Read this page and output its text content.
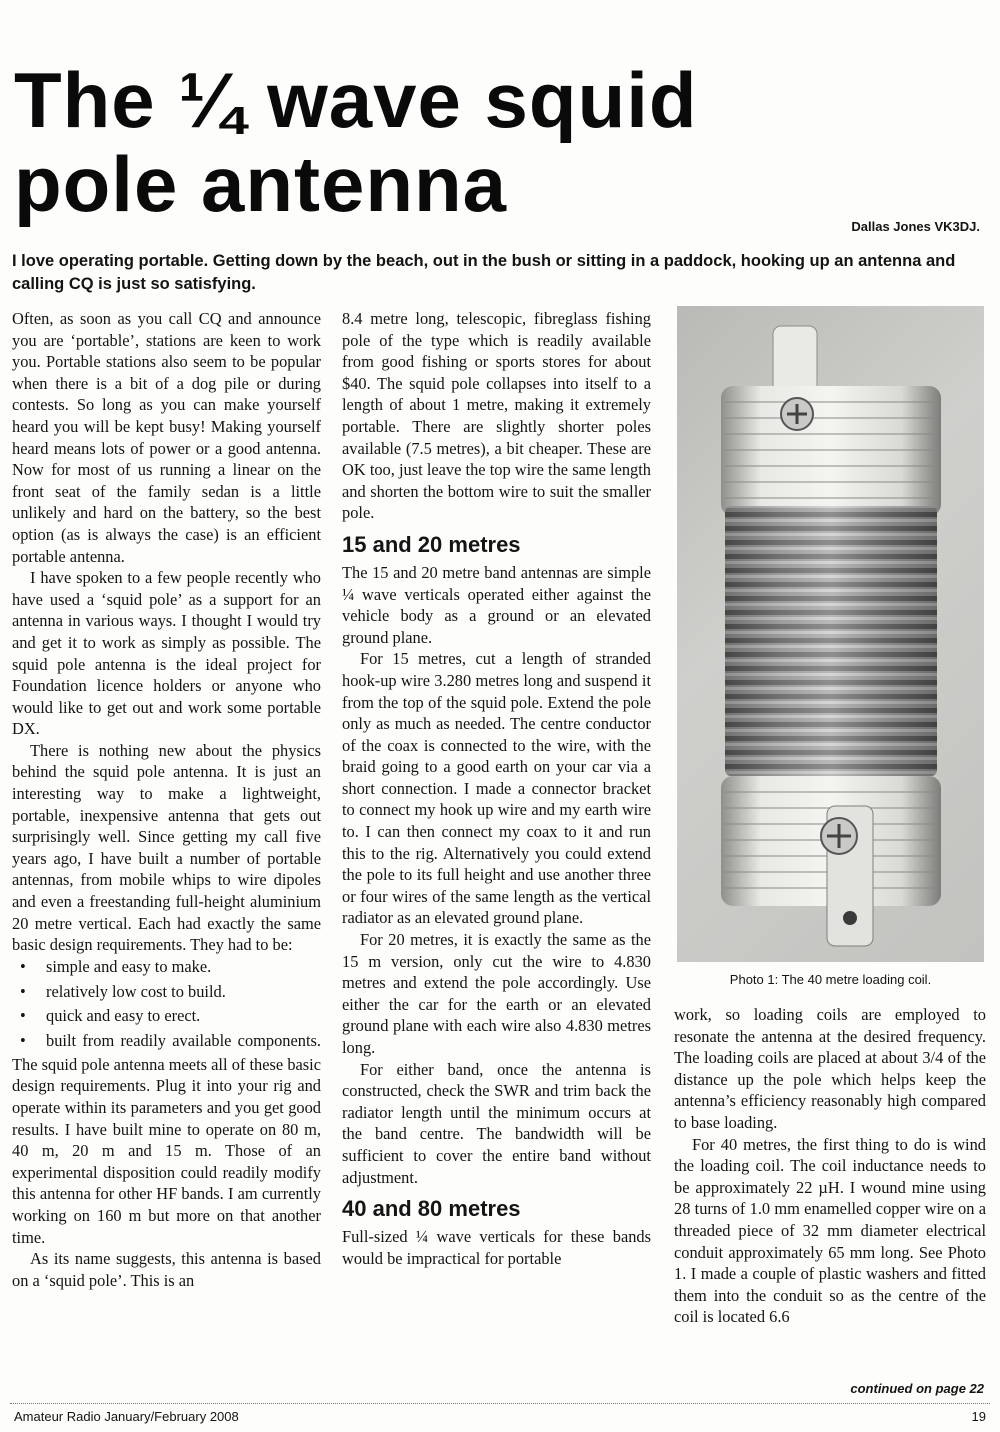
The ¼ wave squid
pole antenna	Dallas Jones VK3DJ.

I love operating portable. Getting down by the beach, out in the bush or sitting in a paddock, hooking up an antenna and calling CQ is just so satisfying.

Often, as soon as you call CQ and announce you are ‘portable’, stations are keen to work you. Portable stations also seem to be popular when there is a bit of a dog pile or during contests. So long as you can make yourself heard you will be kept busy! Making yourself heard means lots of power or a good antenna. Now for most of us running a linear on the front seat of the family sedan is a little unlikely and hard on the battery, so the best option (as is always the case) is an efficient portable antenna.

I have spoken to a few people recently who have used a ‘squid pole’ as a support for an antenna in various ways. I thought I would try and get it to work as simply as possible. The squid pole antenna is the ideal project for Foundation licence holders or anyone who would like to get out and work some portable DX.

There is nothing new about the physics behind the squid pole antenna. It is just an interesting way to make a lightweight, portable, inexpensive antenna that gets out surprisingly well. Since getting my call five years ago, I have built a number of portable antennas, from mobile whips to wire dipoles and even a freestanding full-height aluminium 20 metre vertical. Each had exactly the same basic design requirements. They had to be:

• simple and easy to make.
• relatively low cost to build.
• quick and easy to erect.
• built from readily available components.

The squid pole antenna meets all of these basic design requirements. Plug it into your rig and operate within its parameters and you get good results. I have built mine to operate on 80 m, 40 m, 20 m and 15 m. Those of an experimental disposition could readily modify this antenna for other HF bands. I am currently working on 160 m but more on that another time.

As its name suggests, this antenna is based on a ‘squid pole’. This is an

8.4 metre long, telescopic, fibreglass fishing pole of the type which is readily available from good fishing or sports stores for about $40. The squid pole collapses into itself to a length of about 1 metre, making it extremely portable. There are slightly shorter poles available (7.5 metres), a bit cheaper. These are OK too, just leave the top wire the same length and shorten the bottom wire to suit the smaller pole.

15 and 20 metres

The 15 and 20 metre band antennas are simple ¼ wave verticals operated either against the vehicle body as a ground or an elevated ground plane.

For 15 metres, cut a length of stranded hook-up wire 3.280 metres long and suspend it from the top of the squid pole. Extend the pole only as much as needed. The centre conductor of the coax is connected to the wire, with the braid going to a good earth on your car via a short connection. I made a connector bracket to connect my hook up wire and my earth wire to. I can then connect my coax to it and run this to the rig. Alternatively you could extend the pole to its full height and use another three or four wires of the same length as the vertical radiator as an elevated ground plane.

For 20 metres, it is exactly the same as the 15 m version, only cut the wire to 4.830 metres and extend the pole accordingly. Use either the car for the earth or an elevated ground plane with each wire also 4.830 metres long.

For either band, once the antenna is constructed, check the SWR and trim back the radiator length until the minimum occurs at the band centre. The bandwidth will be sufficient to cover the entire band without adjustment.

40 and 80 metres

Full-sized ¼ wave verticals for these bands would be impractical for portable

Photo 1: The 40 metre loading coil.

work, so loading coils are employed to resonate the antenna at the desired frequency. The loading coils are placed at about 3/4 of the distance up the pole which helps keep the antenna’s efficiency reasonably high compared to base loading.

For 40 metres, the first thing to do is wind the loading coil. The coil inductance needs to be approximately 22 µH. I wound mine using 28 turns of 1.0 mm enamelled copper wire on a threaded piece of 32 mm diameter electrical conduit approximately 65 mm long. See Photo 1. I made a couple of plastic washers and fitted them into the conduit so as the centre of the coil is located 6.6

continued on page 22
Amateur Radio January/February 2008	19
